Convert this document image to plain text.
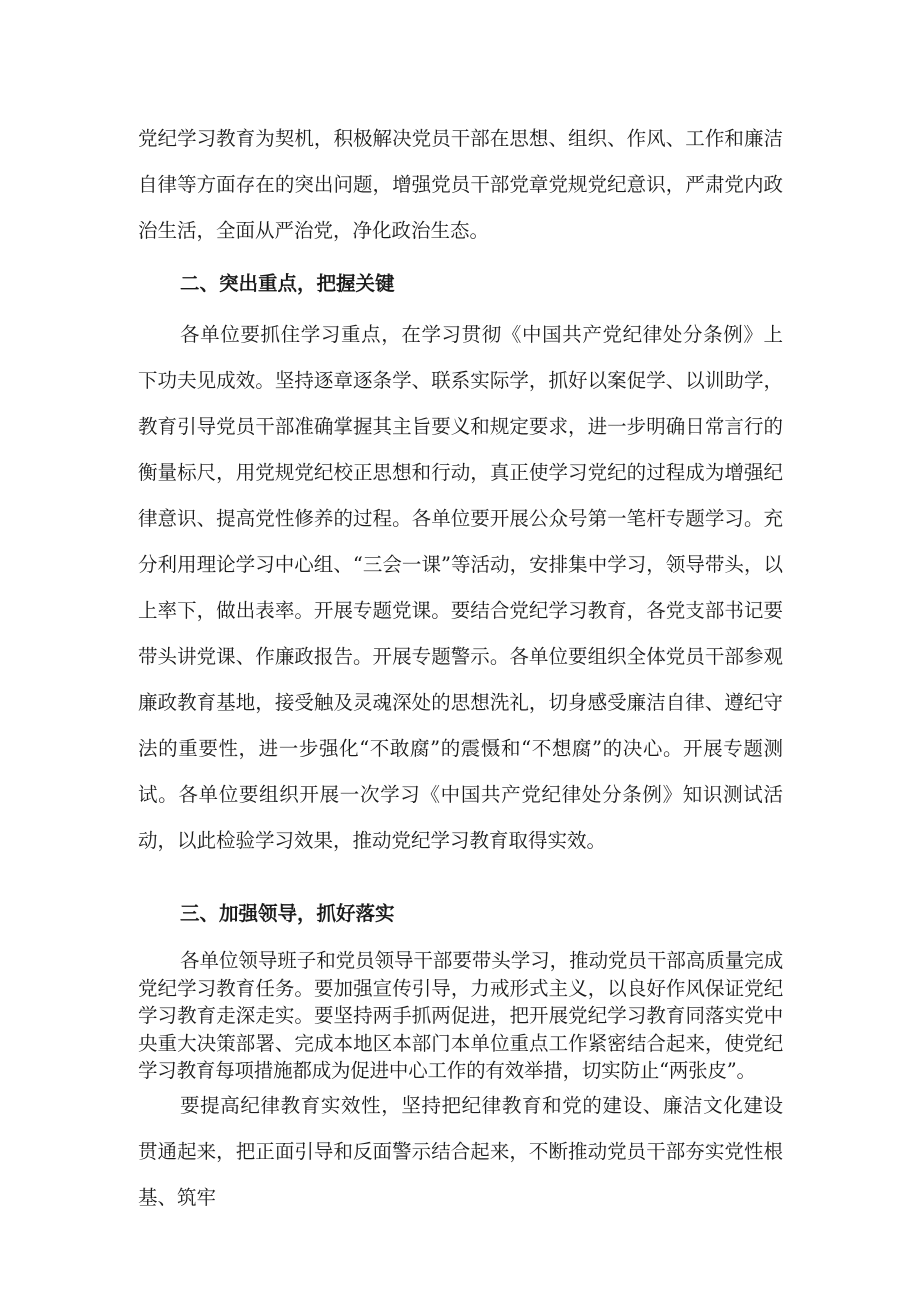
党纪学习教育为契机，积极解决党员干部在思想、组织、作风、工作和廉洁自律等方面存在的突出问题，增强党员干部党章党规党纪意识，严肃党内政治生活，全面从严治党，净化政治生态。

二、突出重点，把握关键

各单位要抓住学习重点，在学习贯彻《中国共产党纪律处分条例》上下功夫见成效。坚持逐章逐条学、联系实际学，抓好以案促学、以训助学，教育引导党员干部准确掌握其主旨要义和规定要求，进一步明确日常言行的衡量标尺，用党规党纪校正思想和行动，真正使学习党纪的过程成为增强纪律意识、提高党性修养的过程。各单位要开展公众号第一笔杆专题学习。充分利用理论学习中心组、“三会一课”等活动，安排集中学习，领导带头，以上率下，做出表率。开展专题党课。要结合党纪学习教育，各党支部书记要带头讲党课、作廉政报告。开展专题警示。各单位要组织全体党员干部参观廉政教育基地，接受触及灵魂深处的思想洗礼，切身感受廉洁自律、遵纪守法的重要性，进一步强化“不敢腐”的震慑和“不想腐”的决心。开展专题测试。各单位要组织开展一次学习《中国共产党纪律处分条例》知识测试活动，以此检验学习效果，推动党纪学习教育取得实效。

三、加强领导，抓好落实

各单位领导班子和党员领导干部要带头学习，推动党员干部高质量完成党纪学习教育任务。要加强宣传引导，力戒形式主义，以良好作风保证党纪学习教育走深走实。要坚持两手抓两促进，把开展党纪学习教育同落实党中央重大决策部署、完成本地区本部门本单位重点工作紧密结合起来，使党纪学习教育每项措施都成为促进中心工作的有效举措，切实防止“两张皮”。

要提高纪律教育实效性，坚持把纪律教育和党的建设、廉洁文化建设贯通起来，把正面引导和反面警示结合起来，不断推动党员干部夯实党性根基、筑牢
